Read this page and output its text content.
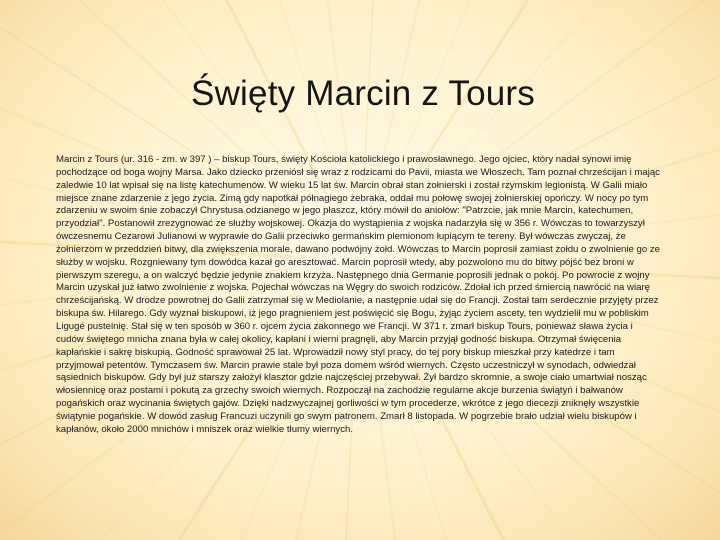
Święty Marcin z Tours
Marcin z Tours (ur. 316 - zm. w 397 ) – biskup Tours, święty Kościoła katolickiego i prawosławnego. Jego ojciec, który nadał synowi imię pochodzące od boga wojny Marsa. Jako dziecko przeniósł się wraz z rodzicami do Pavii, miasta we Włoszech. Tam poznał chrześcijan i mając zaledwie 10 lat wpisał się na listę katechumenów. W wieku 15 lat św. Marcin obrał stan żołnierski i został rzymskim legionistą. W Galii miało miejsce znane zdarzenie z jego życia. Zimą gdy napotkał półnagiego żebraka, oddał mu połowę swojej żołnierskiej opończy. W nocy po tym zdarzeniu w swoim śnie zobaczył Chrystusa odzianego w jego płaszcz, który mówił do aniołów: "Patrzcie, jak mnie Marcin, katechumen, przyodział". Postanowił zrezygnować ze służby wojskowej. Okazja do wystąpienia z wojska nadarzyła się w 356 r. Wówczas to towarzyszył ówczesnemu Cezarowi Julianowi w wyprawie do Galii przeciwko germańskim plemionom łupiącym te tereny. Był wówczas zwyczaj, że żołnierzom w przeddzień bitwy, dla zwiększenia morale, dawano podwójny żołd. Wówczas to Marcin poprosił zamiast żołdu o zwolnienie go ze służby w wojsku. Rozgniewany tym dowódca kazał go aresztować. Marcin poprosił wtedy, aby pozwolono mu do bitwy pójść bez broni w pierwszym szeregu, a on walczyć będzie jedynie znakiem krzyża. Następnego dnia Germanie poprosili jednak o pokój. Po powrocie z wojny Marcin uzyskał już łatwo zwolnienie z wojska. Pojechał wówczas na Węgry do swoich rodziców. Zdołał ich przed śmiercią nawrócić na wiarę chrześcijańską. W drodze powrotnej do Galii zatrzymał się w Mediolanie, a następnie udał się do Francji. Został tam serdecznie przyjęty przez biskupa św. Hilarego. Gdy wyznał biskupowi, iż jego pragnieniem jest poświęcić się Bogu, żyjąc życiem ascety, ten wydzielił mu w pobliskim Ligugé pustelnię. Stał się w ten sposób w 360 r. ojcem życia zakonnego we Francji. W 371 r. zmarł biskup Tours, ponieważ sława życia i cudów świętego mnicha znana była w całej okolicy, kapłani i wierni pragnęli, aby Marcin przyjął godność biskupa. Otrzymał święcenia kapłańskie i sakrę biskupią. Godność sprawował 25 lat. Wprowadził nowy styl pracy, do tej pory biskup mieszkał przy katedrze i tam przyjmował petentów. Tymczasem św. Marcin prawie stale był poza domem wśród wiernych. Często uczestniczył w synodach, odwiedzał sąsiednich biskupów. Gdy był już starszy założył klasztor gdzie najczęściej przebywał. Żył bardzo skromnie, a swoje ciało umartwiał nosząc włosiennicę oraz postami i pokutą za grzechy swoich wiernych. Rozpoczął na zachodzie regularne akcje burzenia świątyń i bałwanów pogańskich oraz wycinania świętych gajów. Dzięki nadzwyczajnej gorliwości w tym procederze, wkrótce z jego diecezji zniknęły wszystkie świątynie pogańskie. W dowód zasług Francuzi uczynili go swym patronem. Zmarł 8 listopada. W pogrzebie brało udział wielu biskupów i kapłanów, około 2000 mnichów i mniszek oraz wielkie tłumy wiernych.
